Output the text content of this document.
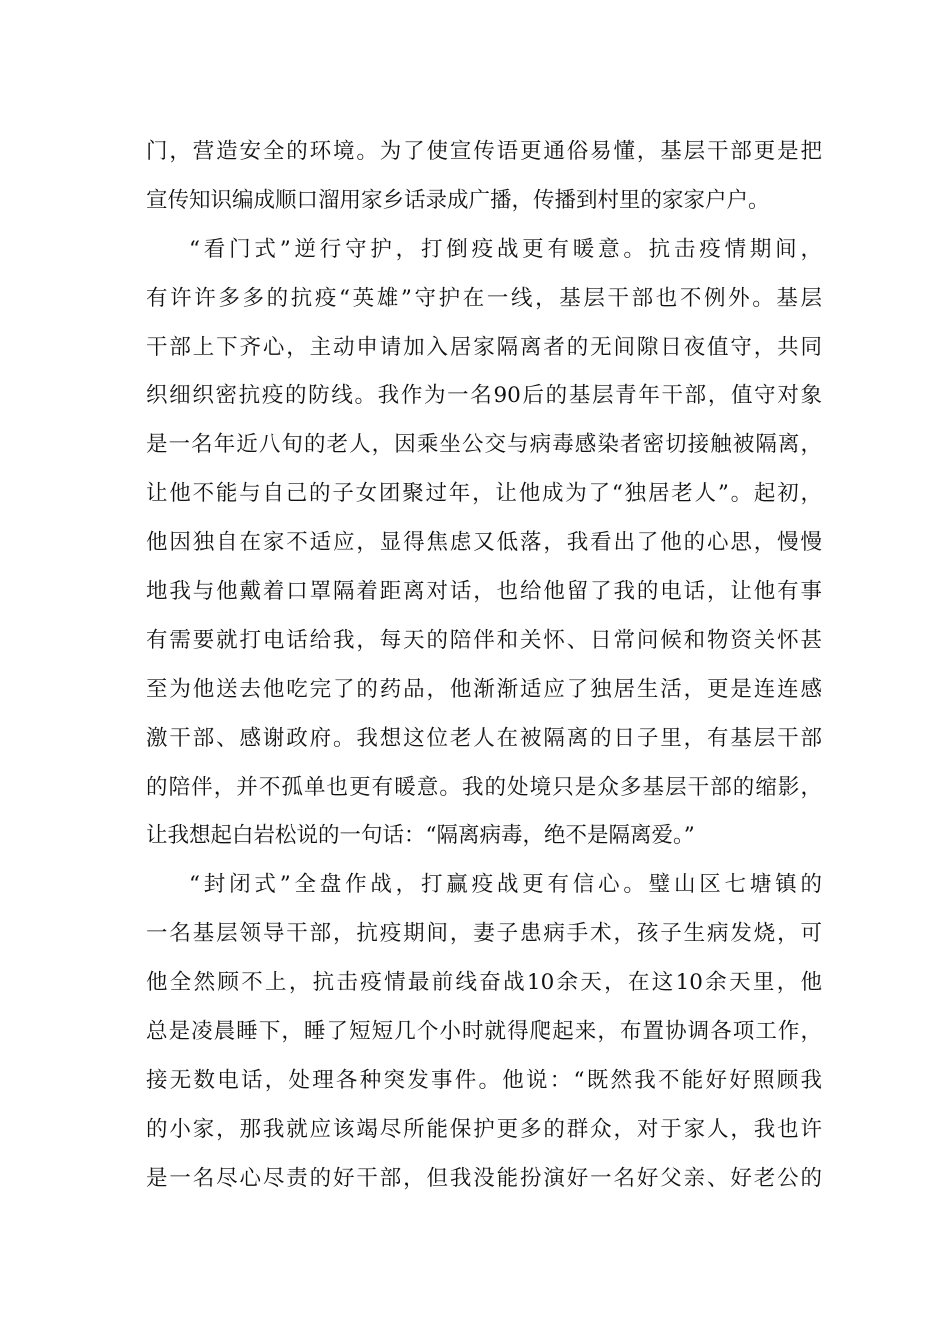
门，营造安全的环境。为了使宣传语更通俗易懂，基层干部更是把
宣传知识编成顺口溜用家乡话录成广播，传播到村里的家家户户。
“看门式”逆行守护，打倒疫战更有暖意。抗击疫情期间，
有许许多多的抗疫“英雄”守护在一线，基层干部也不例外。基层
干部上下齐心，主动申请加入居家隔离者的无间隙日夜值守，共同
织细织密抗疫的防线。我作为一名90后的基层青年干部，值守对象
是一名年近八旬的老人，因乘坐公交与病毒感染者密切接触被隔离，
让他不能与自己的子女团聚过年，让他成为了“独居老人”。起初，
他因独自在家不适应，显得焦虑又低落，我看出了他的心思，慢慢
地我与他戴着口罩隔着距离对话，也给他留了我的电话，让他有事
有需要就打电话给我，每天的陪伴和关怀、日常问候和物资关怀甚
至为他送去他吃完了的药品，他渐渐适应了独居生活，更是连连感
激干部、感谢政府。我想这位老人在被隔离的日子里，有基层干部
的陪伴，并不孤单也更有暖意。我的处境只是众多基层干部的缩影，
让我想起白岩松说的一句话：“隔离病毒，绝不是隔离爱。”
“封闭式”全盘作战，打赢疫战更有信心。璧山区七塘镇的
一名基层领导干部，抗疫期间，妻子患病手术，孩子生病发烧，可
他全然顾不上，抗击疫情最前线奋战10余天，在这10余天里，他
总是凌晨睡下，睡了短短几个小时就得爬起来，布置协调各项工作，
接无数电话，处理各种突发事件。他说：“既然我不能好好照顾我
的小家，那我就应该竭尽所能保护更多的群众，对于家人，我也许
是一名尽心尽责的好干部，但我没能扮演好一名好父亲、好老公的
